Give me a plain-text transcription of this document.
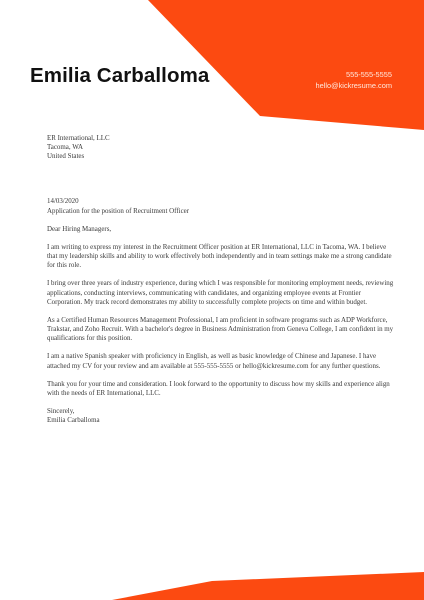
Emilia Carballoma	555-555-5555
hello@kickresume.com

ER International, LLC
Tacoma, WA
United States

14/03/2020

Application for the position of Recruitment Officer

Dear Hiring Managers,

I am writing to express my interest in the Recruitment Officer position at ER International, LLC in Tacoma, WA. I believe that my leadership skills and ability to work effectively both independently and in team settings make me a strong candidate for this role.

I bring over three years of industry experience, during which I was responsible for monitoring employment needs, reviewing applications, conducting interviews, communicating with candidates, and organizing employee events at Frontier Corporation. My track record demonstrates my ability to successfully complete projects on time and within budget.

As a Certified Human Resources Management Professional, I am proficient in software programs such as ADP Workforce, Trakstar, and Zoho Recruit. With a bachelor's degree in Business Administration from Geneva College, I am confident in my qualifications for this position.

I am a native Spanish speaker with proficiency in English, as well as basic knowledge of Chinese and Japanese. I have attached my CV for your review and am available at 555-555-5555 or hello@kickresume.com for any further questions.

Thank you for your time and consideration. I look forward to the opportunity to discuss how my skills and experience align with the needs of ER International, LLC.

Sincerely,

Emilia Carballoma
